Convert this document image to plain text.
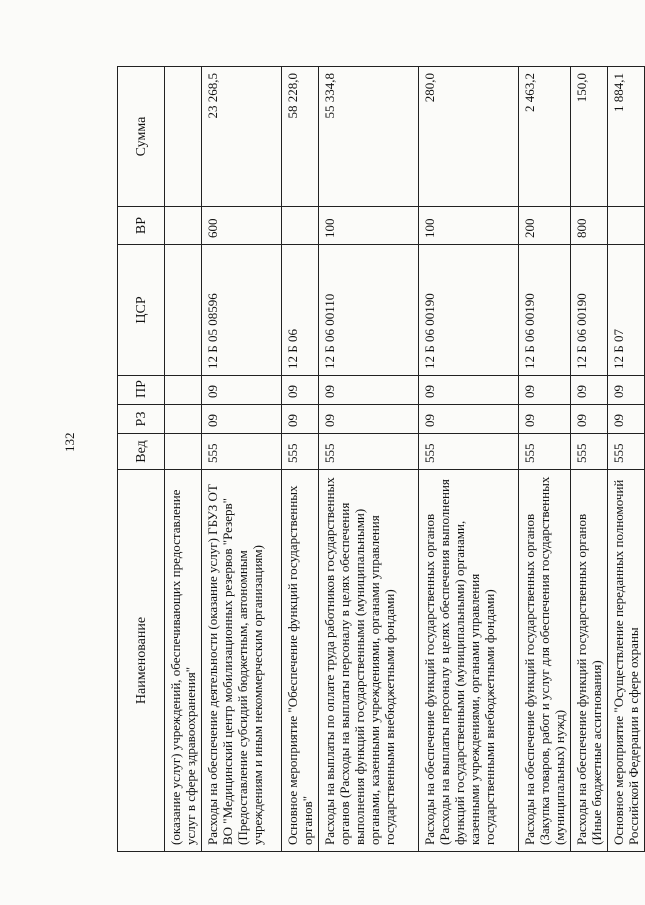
132
Наименование	Вед	РЗ	ПР	ЦСР	ВР	Сумма
(оказание услуг) учреждений, обеспечивающих предоставление услуг в сфере здравоохранения"						
Расходы на обеспечение деятельности (оказание услуг) ГБУЗ ОТ ВО "Медицинский центр мобилизационных резервов "Резерв" (Предоставление субсидий бюджетным, автономным учреждениям и иным некоммерческим организациям)	555	09	09	12 Б 05 08596	600	23 268,5
Основное мероприятие "Обеспечение функций государственных органов"	555	09	09	12 Б 06		58 228,0
Расходы на выплаты по оплате труда работников государственных органов (Расходы на выплаты персоналу в целях обеспечения выполнения функций государственными (муниципальными) органами, казенными учреждениями, органами управления государственными внебюджетными фондами)	555	09	09	12 Б 06 00110	100	55 334,8
Расходы на обеспечение функций государственных органов (Расходы на выплаты персоналу в целях обеспечения выполнения функций государственными (муниципальными) органами, казенными учреждениями, органами управления государственными внебюджетными фондами)	555	09	09	12 Б 06 00190	100	280,0
Расходы на обеспечение функций государственных органов (Закупка товаров, работ и услуг для обеспечения государственных (муниципальных) нужд)	555	09	09	12 Б 06 00190	200	2 463,2
Расходы на обеспечение функций государственных органов (Иные бюджетные ассигнования)	555	09	09	12 Б 06 00190	800	150,0
Основное мероприятие "Осуществление переданных полномочий Российской Федерации в сфере охраны	555	09	09	12 Б 07		1 884,1
